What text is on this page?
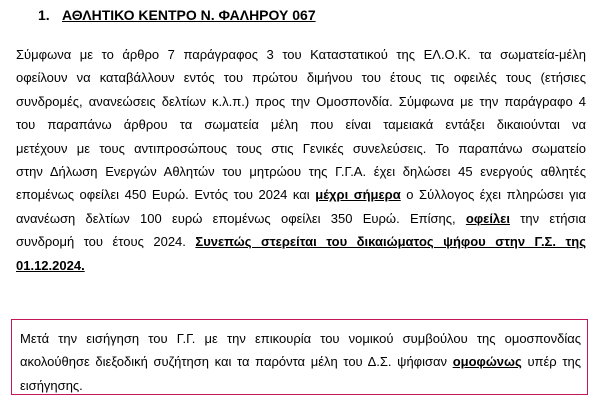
1. ΑΘΛΗΤΙΚΟ ΚΕΝΤΡΟ Ν. ΦΑΛΗΡΟΥ 067
Σύμφωνα με το άρθρο 7 παράγραφος 3 του Καταστατικού της ΕΛ.Ο.Κ. τα σωματεία-μέλη
οφείλουν να καταβάλλουν εντός του πρώτου διμήνου του έτους τις οφειλές τους (ετήσιες
συνδρομές, ανανεώσεις δελτίων κ.λ.π.) προς την Ομοσπονδία. Σύμφωνα με την παράγραφο 4
του παραπάνω άρθρου τα σωματεία μέλη που είναι ταμειακά εντάξει δικαιούνται να
μετέχουν με τους αντιπροσώπους τους στις Γενικές συνελεύσεις. Το παραπάνω σωματείο
στην Δήλωση Ενεργών Αθλητών του μητρώου της Γ.Γ.Α. έχει δηλώσει 45 ενεργούς αθλητές
επομένως οφείλει 450 Ευρώ. Εντός του 2024 και μέχρι σήμερα ο Σύλλογος έχει πληρώσει για
ανανέωση δελτίων 100 ευρώ επομένως οφείλει 350 Ευρώ. Επίσης, οφείλει την ετήσια
συνδρομή του έτους 2024. Συνεπώς στερείται του δικαιώματος ψήφου στην Γ.Σ. της
01.12.2024.
Μετά την εισήγηση του Γ.Γ. με την επικουρία του νομικού συμβούλου της ομοσπονδίας
ακολούθησε διεξοδική συζήτηση και τα παρόντα μέλη του Δ.Σ. ψήφισαν ομοφώνως υπέρ της
εισήγησης.
